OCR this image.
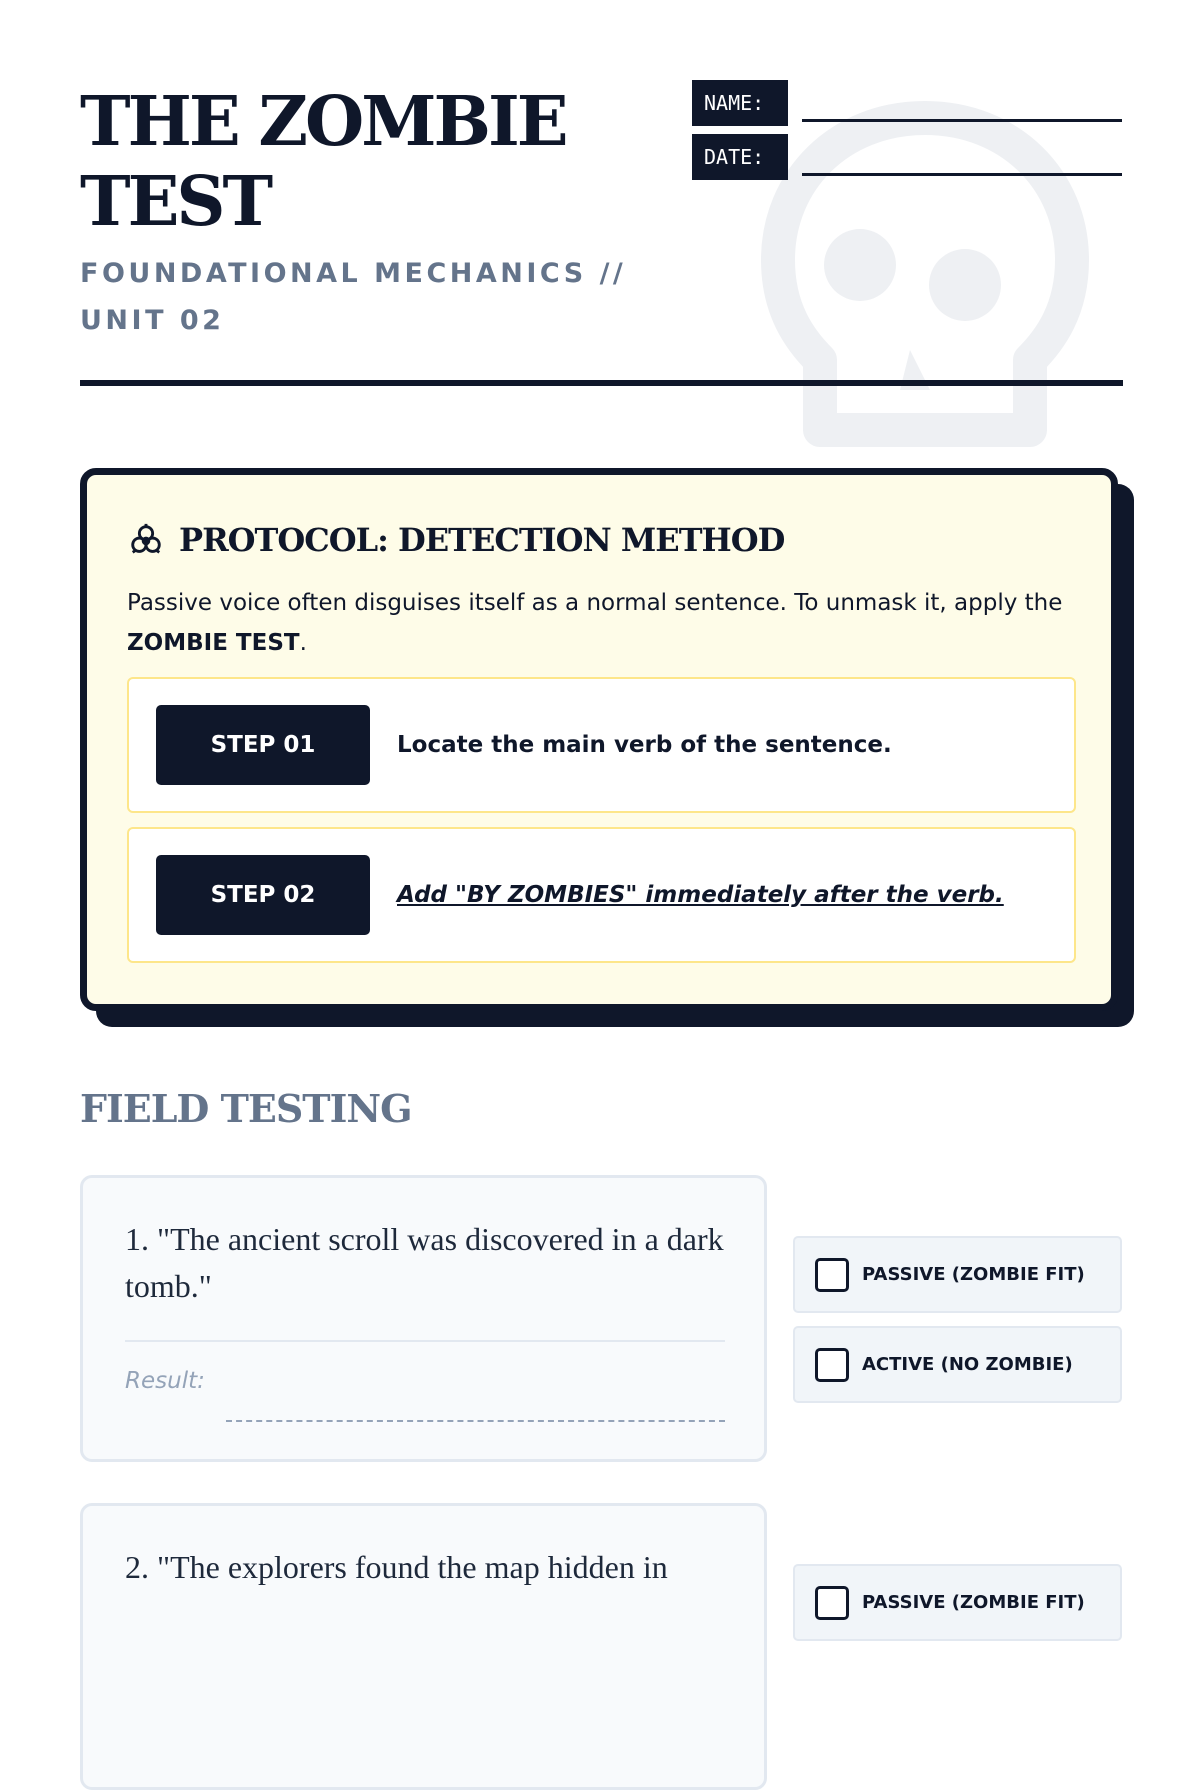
THE ZOMBIE
TEST
FOUNDATIONAL MECHANICS //
UNIT 02
NAME:
DATE:
PROTOCOL: DETECTION METHOD

Passive voice often disguises itself as a normal sentence. To unmask it, apply the
ZOMBIE TEST.

STEP 01	Locate the main verb of the sentence.
STEP 02	Add "BY ZOMBIES" immediately after the verb.
FIELD TESTING

1. "The ancient scroll was discovered in a dark tomb."

Result:
PASSIVE (ZOMBIE FIT)
ACTIVE (NO ZOMBIE)

2. "The explorers found the map hidden in

PASSIVE (ZOMBIE FIT)
